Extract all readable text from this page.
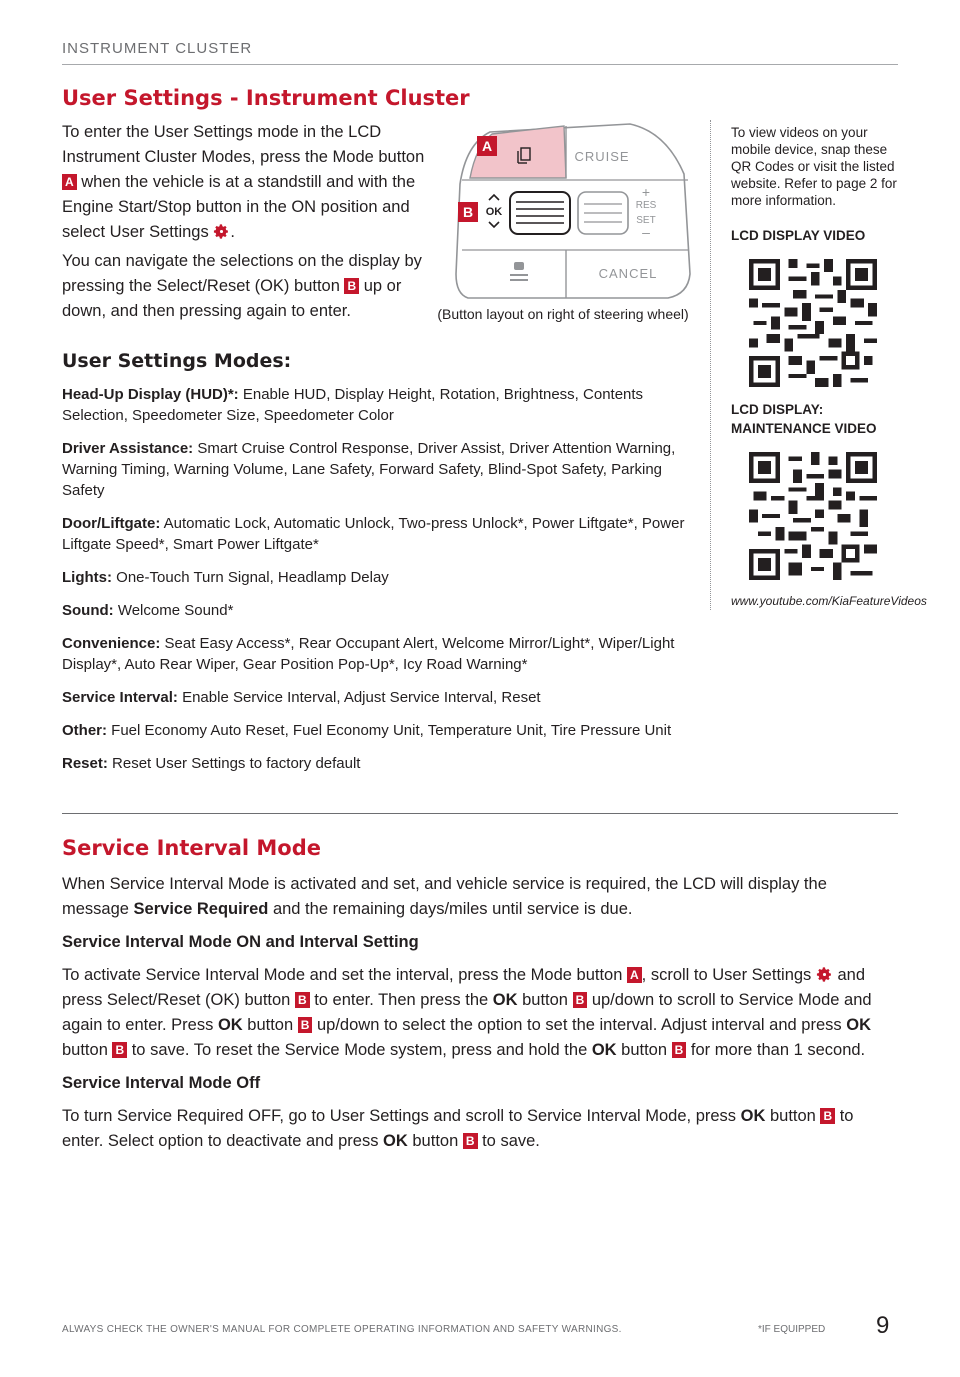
INSTRUMENT CLUSTER
User Settings - Instrument Cluster

To enter the User Settings mode in the LCD Instrument Cluster Modes, press the Mode button A when the vehicle is at a standstill and with the Engine Start/Stop button in the ON position and select User Settings .

You can navigate the selections on the display by pressing the Select/Reset (OK) button B up or down, and then pressing again to enter.

CRUISE
OK
+
RES
SET
–
CANCEL
A
B
(Button layout on right of steering wheel)
To view videos on your mobile device, snap these QR Codes or visit the listed website. Refer to page 2 for more information.
LCD DISPLAY VIDEO
LCD DISPLAY:
MAINTENANCE VIDEO
www.youtube.com/KiaFeatureVideos
User Settings Modes:
Head-Up Display (HUD)*: Enable HUD, Display Height, Rotation, Brightness, Contents Selection, Speedometer Size, Speedometer Color
Driver Assistance: Smart Cruise Control Response, Driver Assist, Driver Attention Warning, Warning Timing, Warning Volume, Lane Safety, Forward Safety, Blind-Spot Safety, Parking Safety
Door/Liftgate: Automatic Lock, Automatic Unlock, Two-press Unlock*, Power Liftgate*, Power Liftgate Speed*, Smart Power Liftgate*
Lights: One-Touch Turn Signal, Headlamp Delay
Sound: Welcome Sound*
Convenience: Seat Easy Access*, Rear Occupant Alert, Welcome Mirror/Light*, Wiper/Light Display*, Auto Rear Wiper, Gear Position Pop-Up*, Icy Road Warning*
Service Interval: Enable Service Interval, Adjust Service Interval, Reset
Other: Fuel Economy Auto Reset, Fuel Economy Unit, Temperature Unit, Tire Pressure Unit
Reset: Reset User Settings to factory default
Service Interval Mode

When Service Interval Mode is activated and set, and vehicle service is required, the LCD will display the message Service Required and the remaining days/miles until service is due.

Service Interval Mode ON and Interval Setting

To activate Service Interval Mode and set the interval, press the Mode button A , scroll to User Settings  and press Select/Reset (OK) button B to enter. Then press the OK button B up/down to scroll to Service Mode and again to enter. Press OK button B up/down to select the option to set the interval. Adjust interval and press OK button B to save. To reset the Service Mode system, press and hold the OK button B for more than 1 second.

Service Interval Mode Off

To turn Service Required OFF, go to User Settings and scroll to Service Interval Mode, press OK button B to enter. Select option to deactivate and press OK button B to save.

ALWAYS CHECK THE OWNER'S MANUAL FOR COMPLETE OPERATING INFORMATION AND SAFETY WARNINGS.	*IF EQUIPPED 9
